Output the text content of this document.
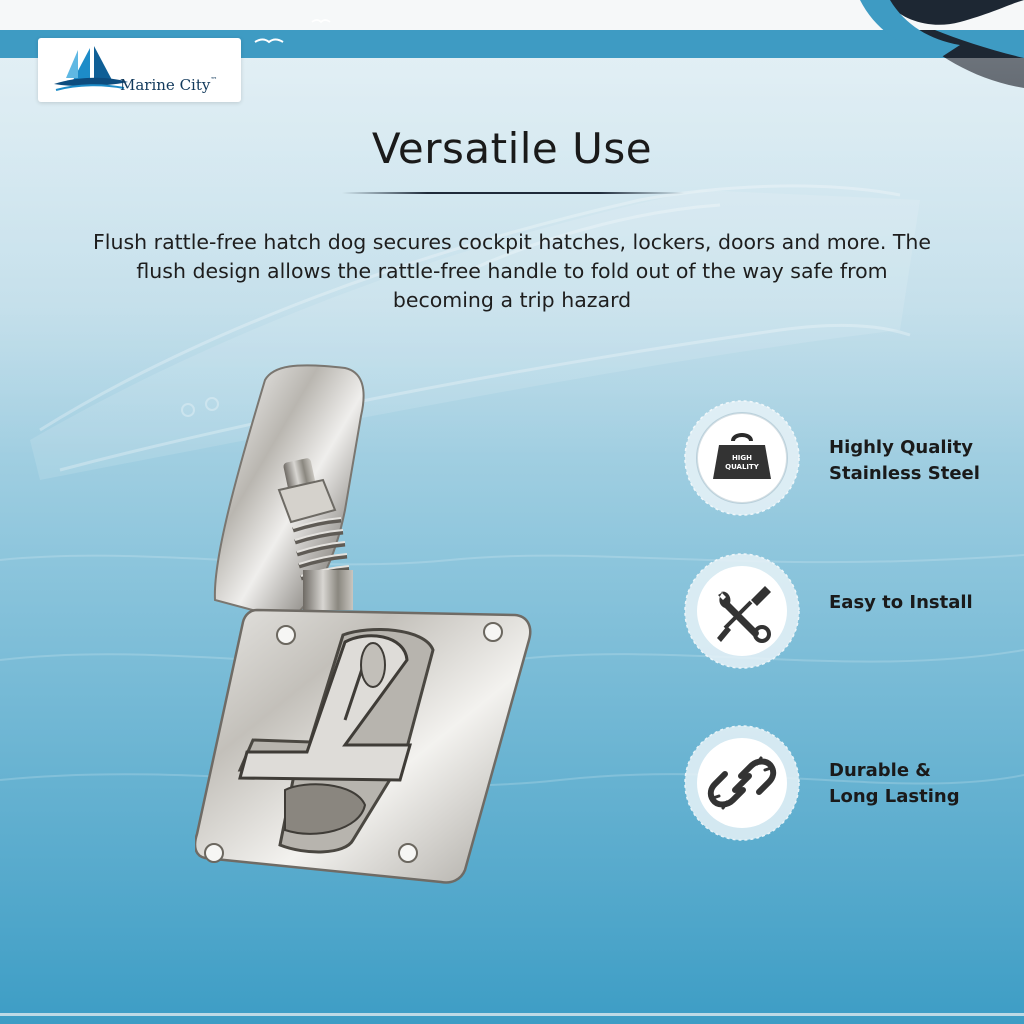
Marine City™
Versatile Use

Flush rattle-free hatch dog secures cockpit hatches, lockers, doors and more. The flush design allows the rattle-free handle to fold out of the way safe from becoming a trip hazard

HIGH
QUALITY
Highly Quality
Stainless Steel
Easy to Install
Durable &
Long Lasting
